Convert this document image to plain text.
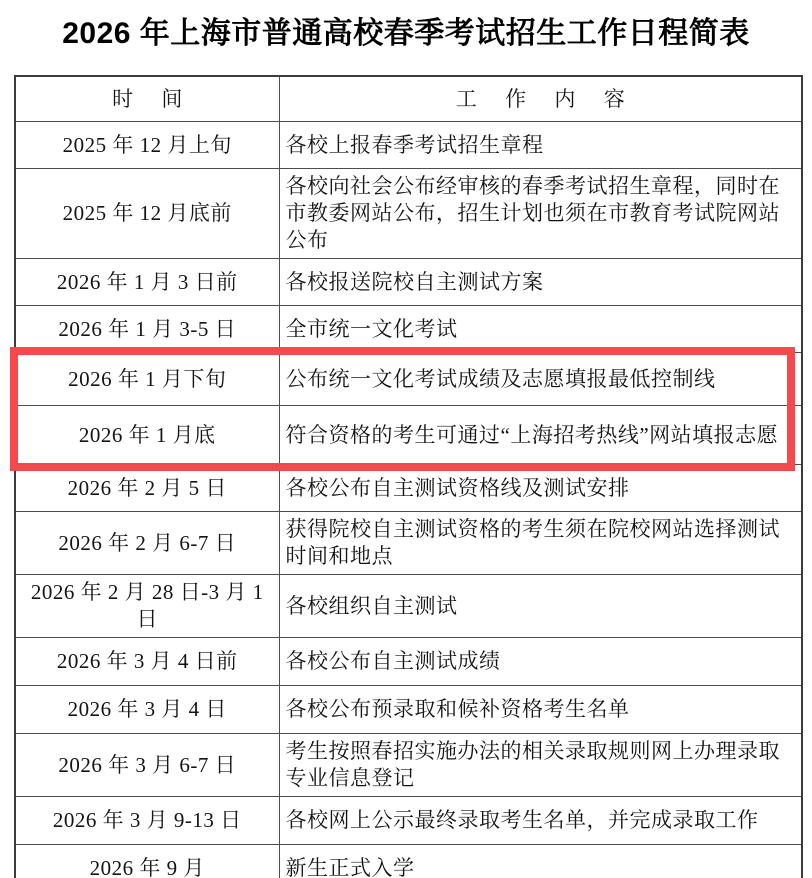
2026 年上海市普通高校春季考试招生工作日程简表
时 间	工 作 内 容
2025 年 12 月上旬	各校上报春季考试招生章程
2025 年 12 月底前	各校向社会公布经审核的春季考试招生章程，同时在市教委网站公布，招生计划也须在市教育考试院网站公布
2026 年 1 月 3 日前	各校报送院校自主测试方案
2026 年 1 月 3-5 日	全市统一文化考试
2026 年 1 月下旬	公布统一文化考试成绩及志愿填报最低控制线
2026 年 1 月底	符合资格的考生可通过“上海招考热线”网站填报志愿
2026 年 2 月 5 日	各校公布自主测试资格线及测试安排
2026 年 2 月 6-7 日	获得院校自主测试资格的考生须在院校网站选择测试时间和地点
2026 年 2 月 28 日-3 月 1 日	各校组织自主测试
2026 年 3 月 4 日前	各校公布自主测试成绩
2026 年 3 月 4 日	各校公布预录取和候补资格考生名单
2026 年 3 月 6-7 日	考生按照春招实施办法的相关录取规则网上办理录取专业信息登记
2026 年 3 月 9-13 日	各校网上公示最终录取考生名单，并完成录取工作
2026 年 9 月	新生正式入学
